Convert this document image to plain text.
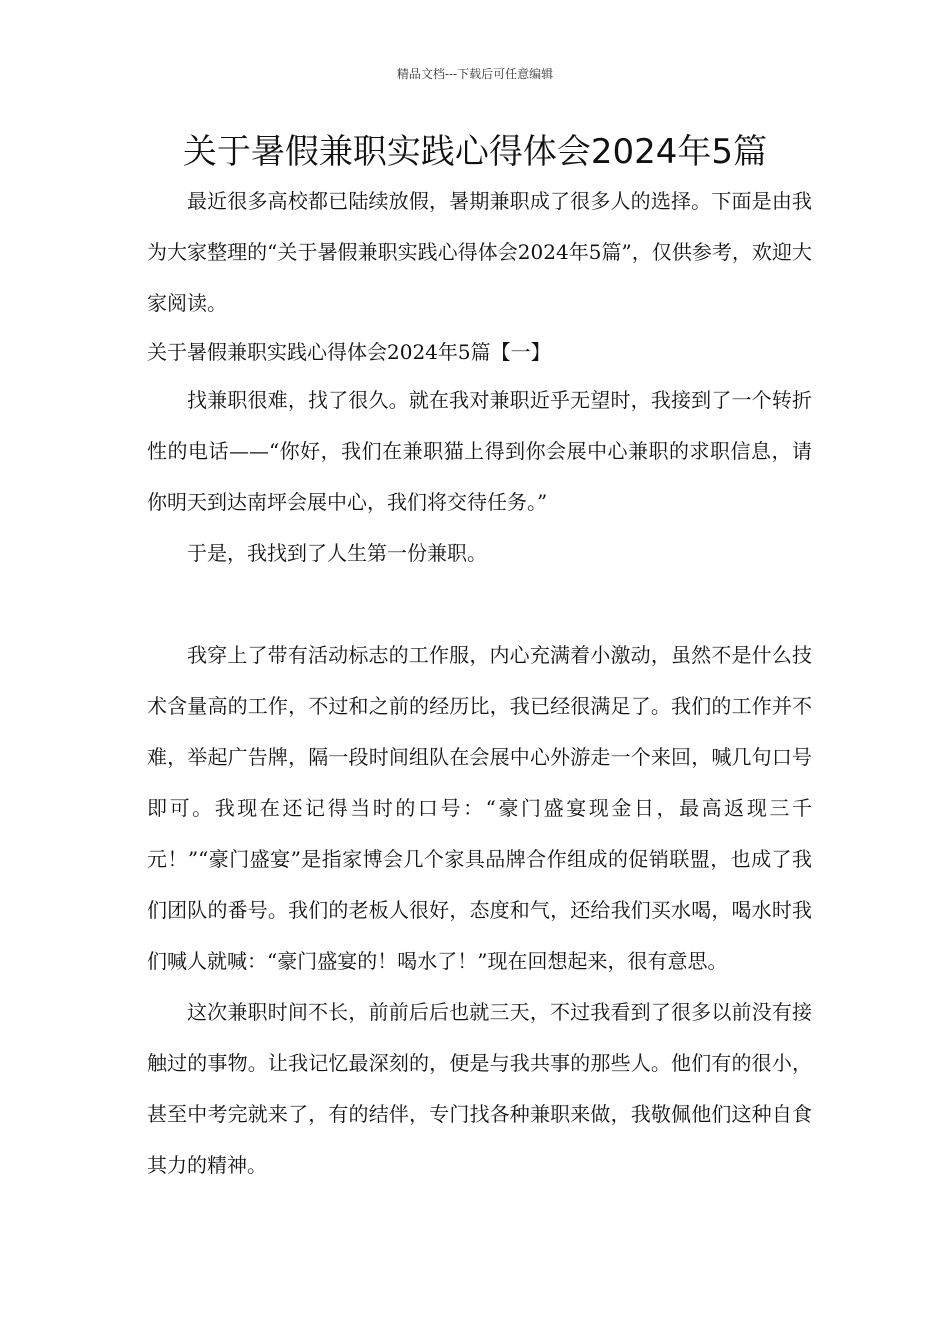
精品文档---下载后可任意编辑
关于暑假兼职实践心得体会2024年5篇

最近很多高校都已陆续放假，暑期兼职成了很多人的选择。下面是由我为大家整理的“关于暑假兼职实践心得体会2024年5篇”，仅供参考，欢迎大家阅读。

关于暑假兼职实践心得体会2024年5篇【一】

找兼职很难，找了很久。就在我对兼职近乎无望时，我接到了一个转折性的电话——“你好，我们在兼职猫上得到你会展中心兼职的求职信息，请你明天到达南坪会展中心，我们将交待任务。”

于是，我找到了人生第一份兼职。

我穿上了带有活动标志的工作服，内心充满着小激动，虽然不是什么技术含量高的工作，不过和之前的经历比，我已经很满足了。我们的工作并不难，举起广告牌，隔一段时间组队在会展中心外游走一个来回，喊几句口号即可。我现在还记得当时的口号：“豪门盛宴现金日，最高返现三千元！”“豪门盛宴”是指家博会几个家具品牌合作组成的促销联盟，也成了我们团队的番号。我们的老板人很好，态度和气，还给我们买水喝，喝水时我们喊人就喊：“豪门盛宴的！喝水了！”现在回想起来，很有意思。

这次兼职时间不长，前前后后也就三天，不过我看到了很多以前没有接触过的事物。让我记忆最深刻的，便是与我共事的那些人。他们有的很小，甚至中考完就来了，有的结伴，专门找各种兼职来做，我敬佩他们这种自食其力的精神。
